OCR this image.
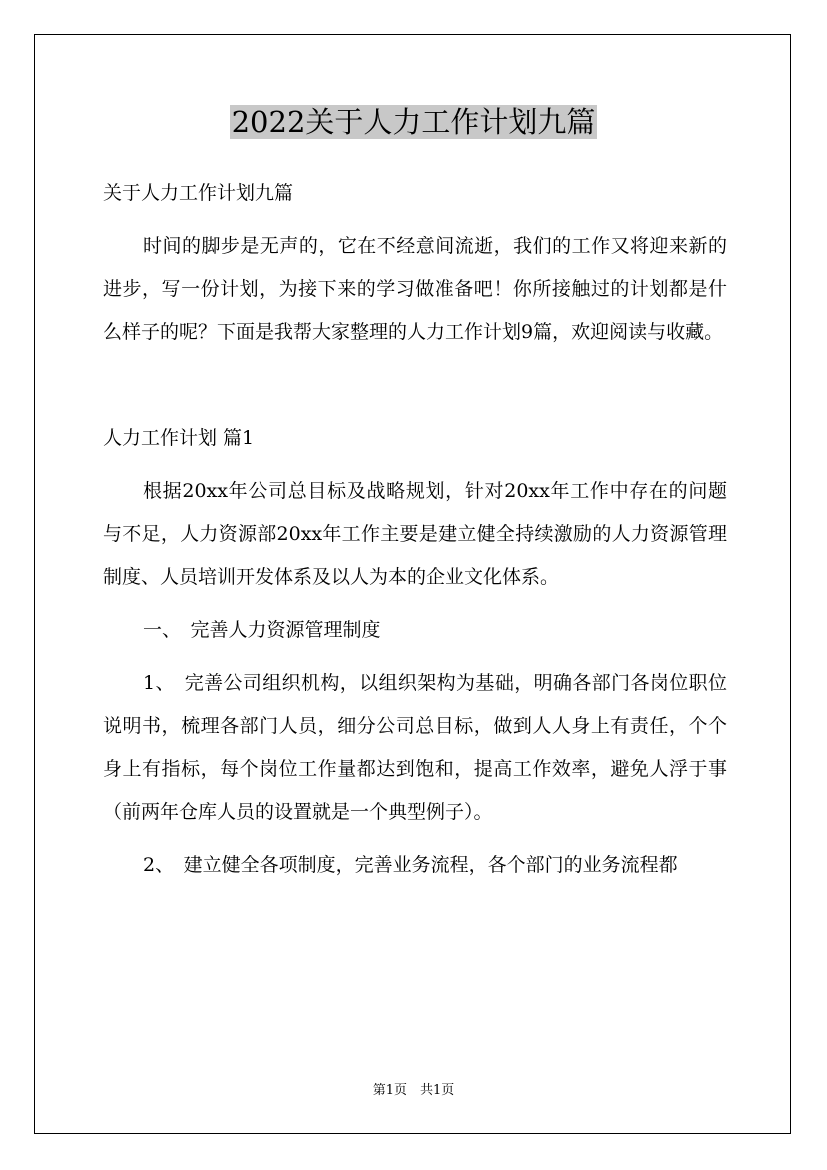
2022关于人力工作计划九篇

关于人力工作计划九篇

时间的脚步是无声的，它在不经意间流逝，我们的工作又将迎来新的进步，写一份计划，为接下来的学习做准备吧！你所接触过的计划都是什么样子的呢？下面是我帮大家整理的人力工作计划9篇，欢迎阅读与收藏。

人力工作计划 篇1

根据20xx年公司总目标及战略规划，针对20xx年工作中存在的问题与不足，人力资源部20xx年工作主要是建立健全持续激励的人力资源管理制度、人员培训开发体系及以人为本的企业文化体系。

一、　完善人力资源管理制度

1、　完善公司组织机构，以组织架构为基础，明确各部门各岗位职位说明书，梳理各部门人员，细分公司总目标，做到人人身上有责任，个个身上有指标，每个岗位工作量都达到饱和，提高工作效率，避免人浮于事（前两年仓库人员的设置就是一个典型例子）。

2、　建立健全各项制度，完善业务流程，各个部门的业务流程都

第1页　共1页
